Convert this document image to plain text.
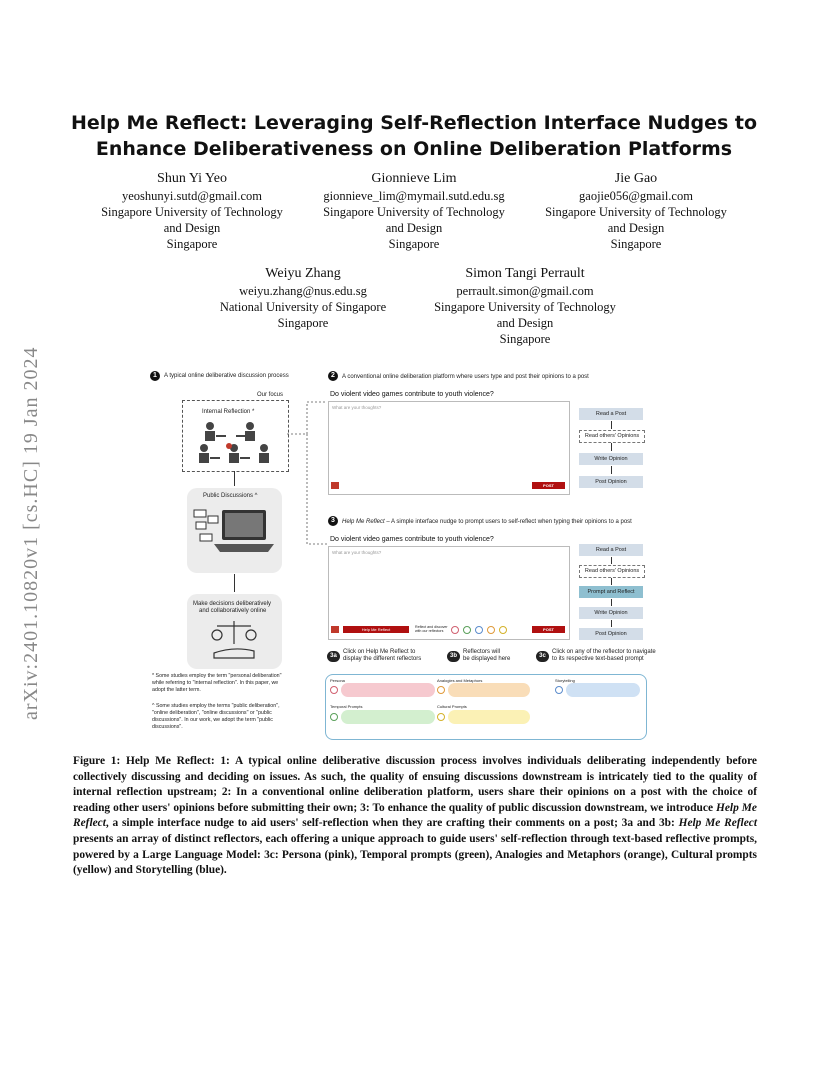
arXiv:2401.10820v1 [cs.HC] 19 Jan 2024
Help Me Reflect: Leveraging Self-Reflection Interface Nudges to
Enhance Deliberativeness on Online Deliberation Platforms
Shun Yi Yeo
yeoshunyi.sutd@gmail.com
Singapore University of Technology
and Design
Singapore
Gionnieve Lim
gionnieve_lim@mymail.sutd.edu.sg
Singapore University of Technology
and Design
Singapore
Jie Gao
gaojie056@gmail.com
Singapore University of Technology
and Design
Singapore
Weiyu Zhang
weiyu.zhang@nus.edu.sg
National University of Singapore
Singapore
Simon Tangi Perrault
perrault.simon@gmail.com
Singapore University of Technology
and Design
Singapore
1	A typical online deliberative discussion process
Our focus
Internal Reflection *
Public Discussions ^
Make decisions deliberatively
and collaboratively online
* Some studies employ the term "personal deliberation" while referring to "internal reflection". In this paper, we adopt the latter term.
^ Some studies employ the terms "public deliberation", "online deliberation", "online discussions" or "public discussions". In our work, we adopt the term "public discussions".
2	A conventional online deliberation platform where users type and post their opinions to a post
Do violent video games contribute to youth violence?
What are your thoughts?
POST
Read a Post
Read others' Opinions
Write Opinion
Post Opinion
3	Help Me Reflect – A simple interface nudge to prompt users to self-reflect when typing their opinions to a post
Do violent video games contribute to youth violence?
What are your thoughts?
Help Me Reflect	Reflect and discover
with our reflectors	POST
Read a Post
Read others' Opinions
Prompt and Reflect
Write Opinion
Post Opinion
3a
Click on Help Me Reflect to
display the different reflectors	3b
Reflectors will
be displayed here	3c
Click on any of the reflector to navigate
to its respective text-based prompt
Persona	Analogies and Metaphors	Storytelling
Temporal Prompts	Cultural Prompts
Figure 1: Help Me Reflect: 1: A typical online deliberative discussion process involves individuals deliberating independently before collectively discussing and deciding on issues. As such, the quality of ensuing discussions downstream is intricately tied to the quality of internal reflection upstream; 2: In a conventional online deliberation platform, users share their opinions on a post with the choice of reading other users' opinions before submitting their own; 3: To enhance the quality of public discussion downstream, we introduce Help Me Reflect, a simple interface nudge to aid users' self-reflection when they are crafting their comments on a post; 3a and 3b: Help Me Reflect presents an array of distinct reflectors, each offering a unique approach to guide users' self-reflection through text-based reflective prompts, powered by a Large Language Model: 3c: Persona (pink), Temporal prompts (green), Analogies and Metaphors (orange), Cultural prompts (yellow) and Storytelling (blue).
